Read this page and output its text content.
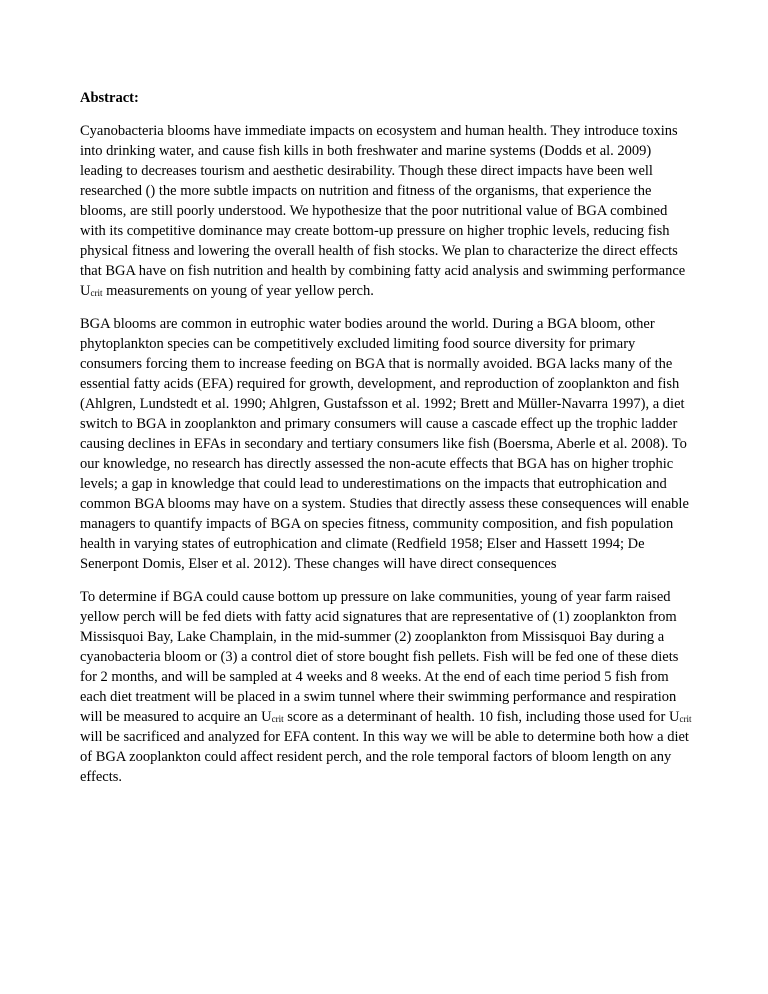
Abstract:

Cyanobacteria blooms have immediate impacts on ecosystem and human health. They introduce toxins into drinking water, and cause fish kills in both freshwater and marine systems (Dodds et al. 2009) leading to decreases tourism and aesthetic desirability. Though these direct impacts have been well researched () the more subtle impacts on nutrition and fitness of the organisms, that experience the blooms, are still poorly understood. We hypothesize that the poor nutritional value of BGA combined with its competitive dominance may create bottom-up pressure on higher trophic levels, reducing fish physical fitness and lowering the overall health of fish stocks. We plan to characterize the direct effects that BGA have on fish nutrition and health by combining fatty acid analysis and swimming performance $U_{crit}$ measurements on young of year yellow perch.

BGA blooms are common in eutrophic water bodies around the world. During a BGA bloom, other phytoplankton species can be competitively excluded limiting food source diversity for primary consumers forcing them to increase feeding on BGA that is normally avoided. BGA lacks many of the essential fatty acids (EFA) required for growth, development, and reproduction of zooplankton and fish (Ahlgren, Lundstedt et al. 1990; Ahlgren, Gustafsson et al. 1992; Brett and Müller-Navarra 1997), a diet switch to BGA in zooplankton and primary consumers will cause a cascade effect up the trophic ladder causing declines in EFAs in secondary and tertiary consumers like fish (Boersma, Aberle et al. 2008). To our knowledge, no research has directly assessed the non-acute effects that BGA has on higher trophic levels; a gap in knowledge that could lead to underestimations on the impacts that eutrophication and common BGA blooms may have on a system. Studies that directly assess these consequences will enable managers to quantify impacts of BGA on species fitness, community composition, and fish population health in varying states of eutrophication and climate (Redfield 1958; Elser and Hassett 1994; De Senerpont Domis, Elser et al. 2012). These changes will have direct consequences

To determine if BGA could cause bottom up pressure on lake communities, young of year farm raised yellow perch will be fed diets with fatty acid signatures that are representative of (1) zooplankton from Missisquoi Bay, Lake Champlain, in the mid-summer (2) zooplankton from Missisquoi Bay during a cyanobacteria bloom or (3) a control diet of store bought fish pellets. Fish will be fed one of these diets for 2 months, and will be sampled at 4 weeks and 8 weeks. At the end of each time period 5 fish from each diet treatment will be placed in a swim tunnel where their swimming performance and respiration will be measured to acquire an $U_{crit}$ score as a determinant of health. 10 fish, including those used for $U_{crit}$ will be sacrificed and analyzed for EFA content. In this way we will be able to determine both how a diet of BGA zooplankton could affect resident perch, and the role temporal factors of bloom length on any effects.
